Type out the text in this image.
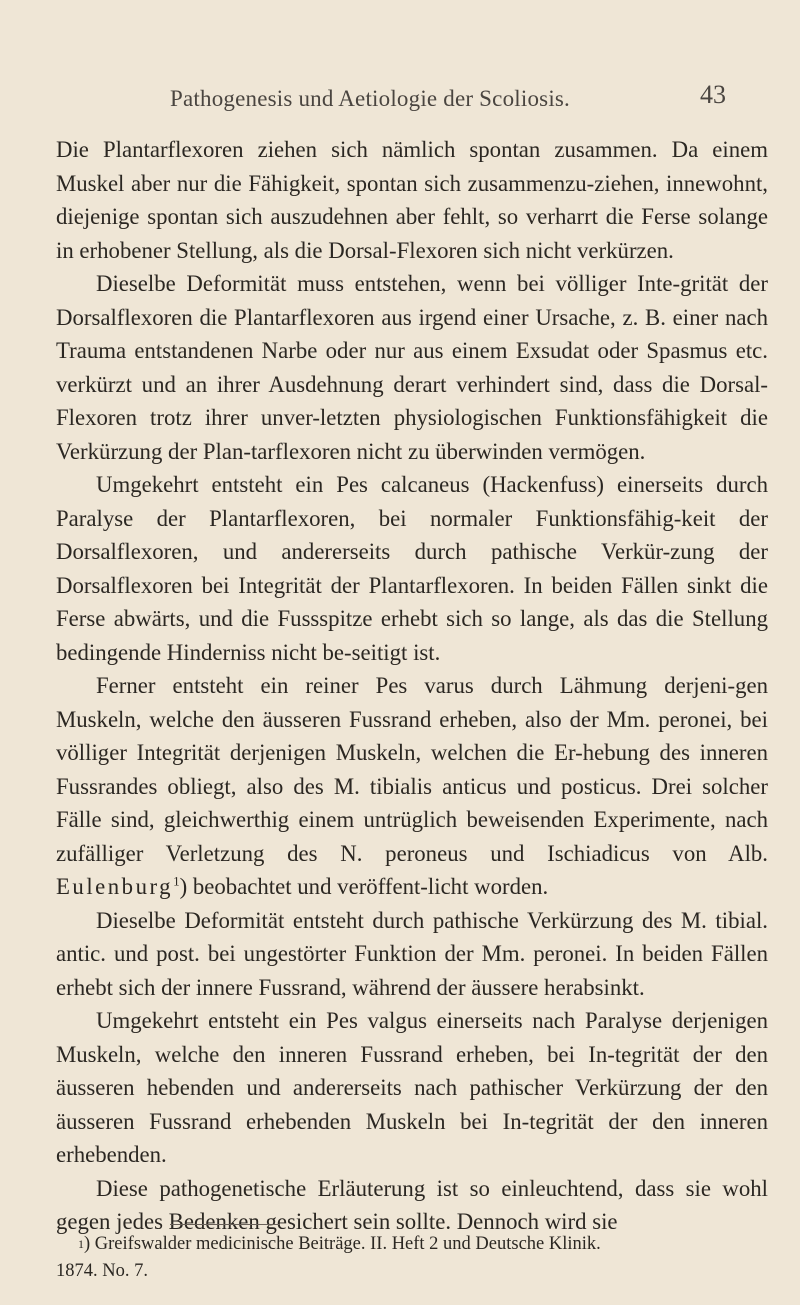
Pathogenesis und Aetiologie der Scoliosis.	43

Die Plantarflexoren ziehen sich nämlich spontan zusammen. Da einem Muskel aber nur die Fähigkeit, spontan sich zusammenzu-ziehen, innewohnt, diejenige spontan sich auszudehnen aber fehlt, so verharrt die Ferse solange in erhobener Stellung, als die Dorsal-Flexoren sich nicht verkürzen.

Dieselbe Deformität muss entstehen, wenn bei völliger Inte-grität der Dorsalflexoren die Plantarflexoren aus irgend einer Ursache, z. B. einer nach Trauma entstandenen Narbe oder nur aus einem Exsudat oder Spasmus etc. verkürzt und an ihrer Ausdehnung derart verhindert sind, dass die Dorsal-Flexoren trotz ihrer unver-letzten physiologischen Funktionsfähigkeit die Verkürzung der Plan-tarflexoren nicht zu überwinden vermögen.

Umgekehrt entsteht ein Pes calcaneus (Hackenfuss) einerseits durch Paralyse der Plantarflexoren, bei normaler Funktionsfähig-keit der Dorsalflexoren, und andererseits durch pathische Verkür-zung der Dorsalflexoren bei Integrität der Plantarflexoren. In beiden Fällen sinkt die Ferse abwärts, und die Fussspitze erhebt sich so lange, als das die Stellung bedingende Hinderniss nicht be-seitigt ist.

Ferner entsteht ein reiner Pes varus durch Lähmung derjeni-gen Muskeln, welche den äusseren Fussrand erheben, also der Mm. peronei, bei völliger Integrität derjenigen Muskeln, welchen die Er-hebung des inneren Fussrandes obliegt, also des M. tibialis anticus und posticus. Drei solcher Fälle sind, gleichwerthig einem untrüglich beweisenden Experimente, nach zufälliger Verletzung des N. peroneus und Ischiadicus von Alb. Eulenburg$^1$) beobachtet und veröffent-licht worden.

Dieselbe Deformität entsteht durch pathische Verkürzung des M. tibial. antic. und post. bei ungestörter Funktion der Mm. peronei. In beiden Fällen erhebt sich der innere Fussrand, während der äussere herabsinkt.

Umgekehrt entsteht ein Pes valgus einerseits nach Paralyse derjenigen Muskeln, welche den inneren Fussrand erheben, bei In-tegrität der den äusseren hebenden und andererseits nach pathischer Verkürzung der den äusseren Fussrand erhebenden Muskeln bei In-tegrität der den inneren erhebenden.

Diese pathogenetische Erläuterung ist so einleuchtend, dass sie wohl gegen jedes Bedenken gesichert sein sollte. Dennoch wird sie

$^1$) Greifswalder medicinische Beiträge. II. Heft 2 und Deutsche Klinik.
1874. No. 7.
